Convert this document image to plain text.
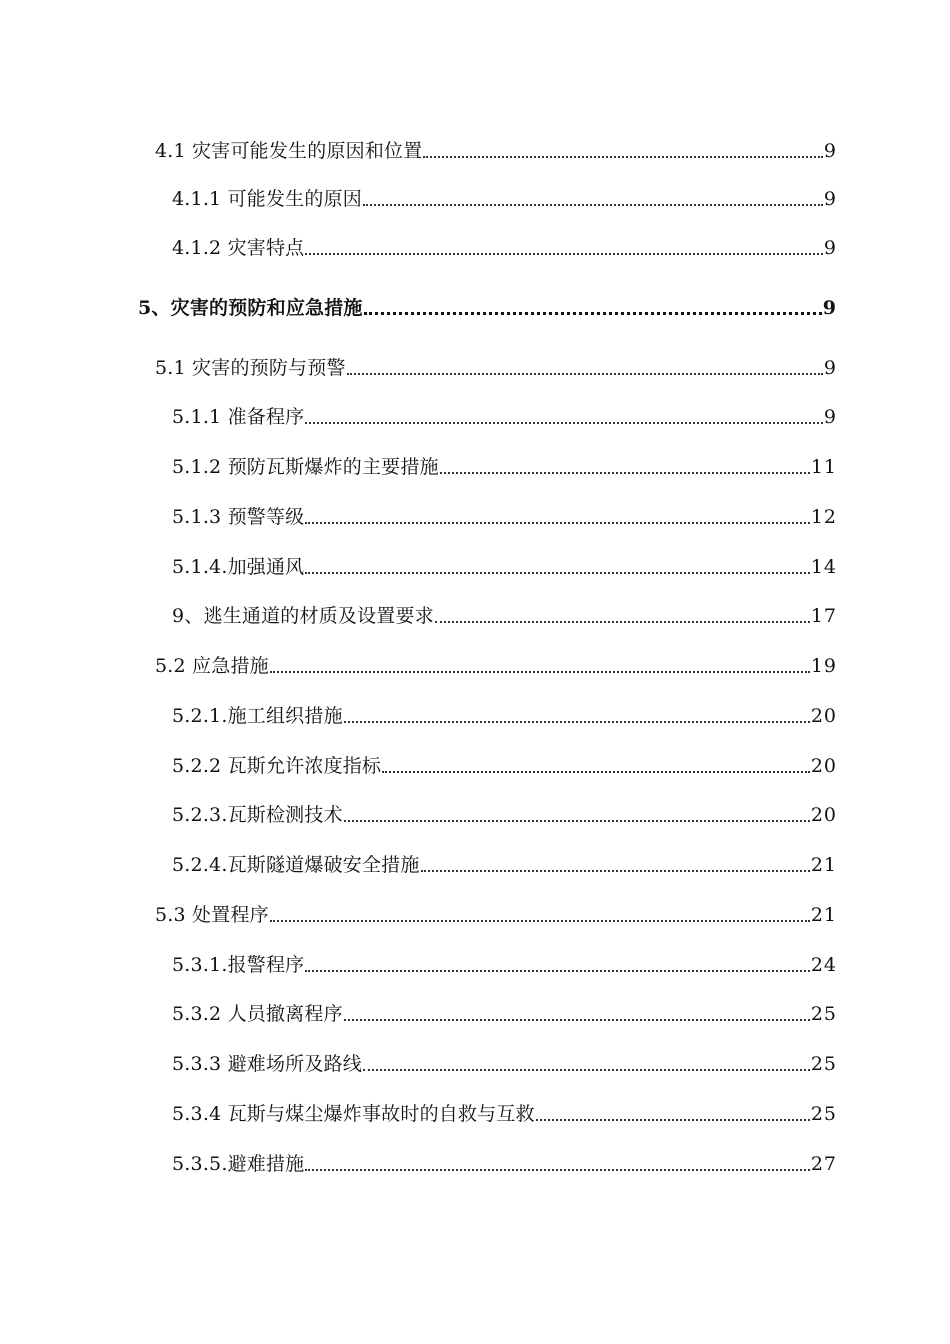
4.1 灾害可能发生的原因和位置	9
4.1.1 可能发生的原因	9
4.1.2 灾害特点	9
5、灾害的预防和应急措施	9
5.1 灾害的预防与预警	9
5.1.1 准备程序	9
5.1.2 预防瓦斯爆炸的主要措施	11
5.1.3 预警等级	12
5.1.4.加强通风	14
9、逃生通道的材质及设置要求	17
5.2 应急措施	19
5.2.1.施工组织措施	20
5.2.2 瓦斯允许浓度指标	20
5.2.3.瓦斯检测技术	20
5.2.4.瓦斯隧道爆破安全措施	21
5.3 处置程序	21
5.3.1.报警程序	24
5.3.2 人员撤离程序	25
5.3.3 避难场所及路线	25
5.3.4 瓦斯与煤尘爆炸事故时的自救与互救	25
5.3.5.避难措施	27
